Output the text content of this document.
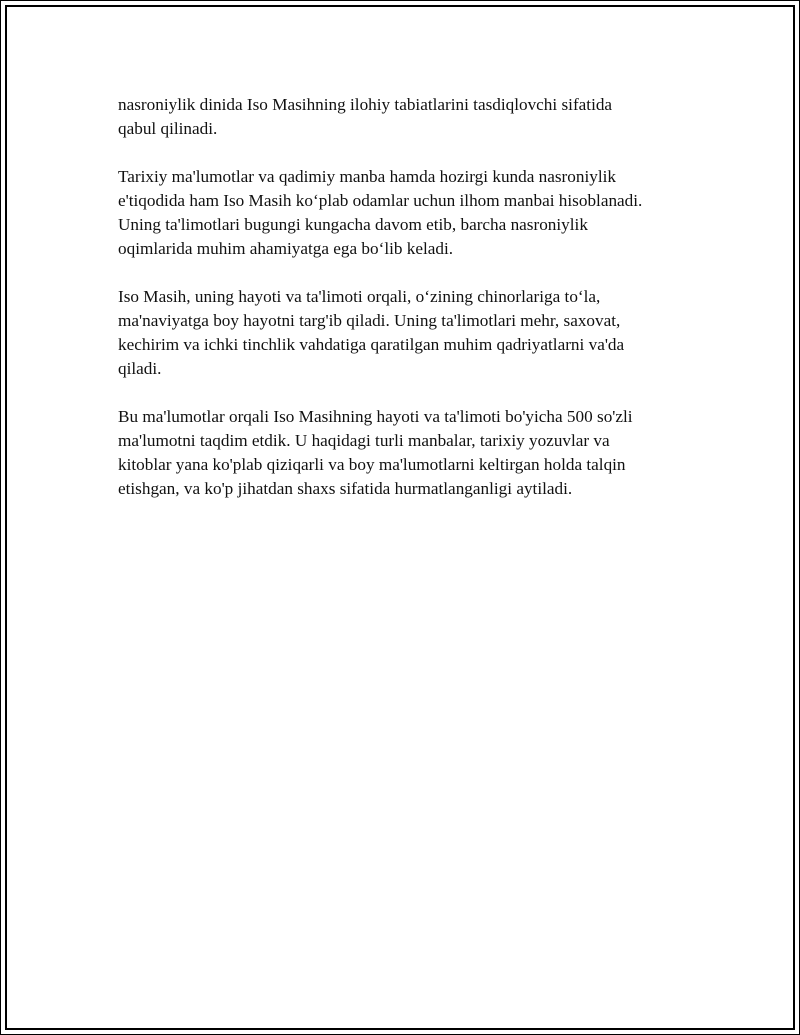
nasroniylik dinida Iso Masihning ilohiy tabiatlarini tasdiqlovchi sifatida
qabul qilinadi.

Tarixiy ma'lumotlar va qadimiy manba hamda hozirgi kunda nasroniylik
e'tiqodida ham Iso Masih koʻplab odamlar uchun ilhom manbai hisoblanadi.
Uning ta'limotlari bugungi kungacha davom etib, barcha nasroniylik
oqimlarida muhim ahamiyatga ega boʻlib keladi.

Iso Masih, uning hayoti va ta'limoti orqali, oʻzining chinorlariga toʻla,
ma'naviyatga boy hayotni targ'ib qiladi. Uning ta'limotlari mehr, saxovat,
kechirim va ichki tinchlik vahdatiga qaratilgan muhim qadriyatlarni va'da
qiladi.

Bu ma'lumotlar orqali Iso Masihning hayoti va ta'limoti bo'yicha 500 so'zli
ma'lumotni taqdim etdik. U haqidagi turli manbalar, tarixiy yozuvlar va
kitoblar yana ko'plab qiziqarli va boy ma'lumotlarni keltirgan holda talqin
etishgan, va ko'p jihatdan shaxs sifatida hurmatlanganligi aytiladi.
